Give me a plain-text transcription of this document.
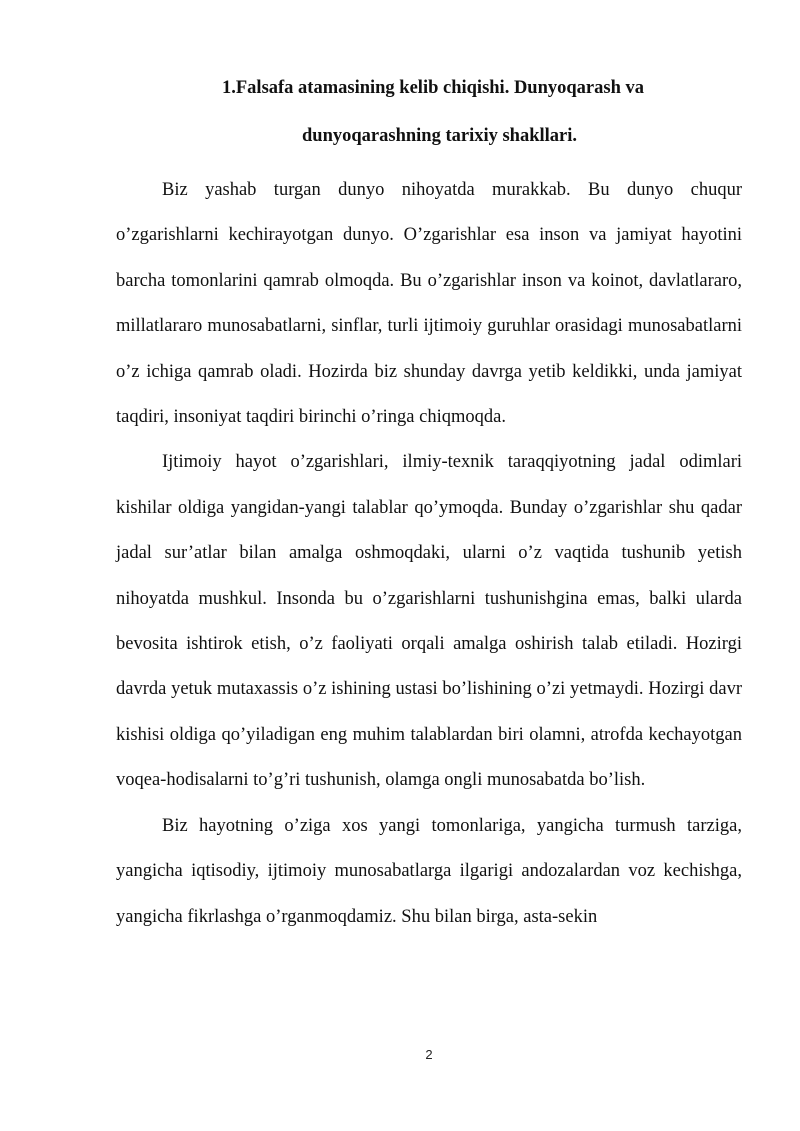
1.Falsafa atamasining kelib chiqishi. Dunyoqarash va
dunyoqarashning tarixiy shakllari.

Biz yashab turgan dunyo nihoyatda murakkab. Bu dunyo chuqur o’zgarishlarni kechirayotgan dunyo. O’zgarishlar esa inson va jamiyat hayotini barcha tomonlarini qamrab olmoqda. Bu o’zgarishlar inson va koinot, davlatlararo, millatlararo munosabatlarni, sinflar, turli ijtimoiy guruhlar orasidagi munosabatlarni o’z ichiga qamrab oladi. Hozirda biz shunday davrga yetib keldikki, unda jamiyat taqdiri, insoniyat taqdiri birinchi o’ringa chiqmoqda.

Ijtimoiy hayot o’zgarishlari, ilmiy-texnik taraqqiyotning jadal odimlari kishilar oldiga yangidan-yangi talablar qo’ymoqda. Bunday o’zgarishlar shu qadar jadal sur’atlar bilan amalga oshmoqdaki, ularni o’z vaqtida tushunib yetish nihoyatda mushkul. Insonda bu o’zgarishlarni tushunishgina emas, balki ularda bevosita ishtirok etish, o’z faoliyati orqali amalga oshirish talab etiladi. Hozirgi davrda yetuk mutaxassis o’z ishining ustasi bo’lishining o’zi yetmaydi. Hozirgi davr kishisi oldiga qo’yiladigan eng muhim talablardan biri olamni, atrofda kechayotgan voqea-hodisalarni to’g’ri tushunish, olamga ongli munosabatda bo’lish.

Biz hayotning o’ziga xos yangi tomonlariga, yangicha turmush tarziga, yangicha iqtisodiy, ijtimoiy munosabatlarga ilgarigi andozalardan voz kechishga, yangicha fikrlashga o’rganmoqdamiz. Shu bilan birga, asta-sekin

2
